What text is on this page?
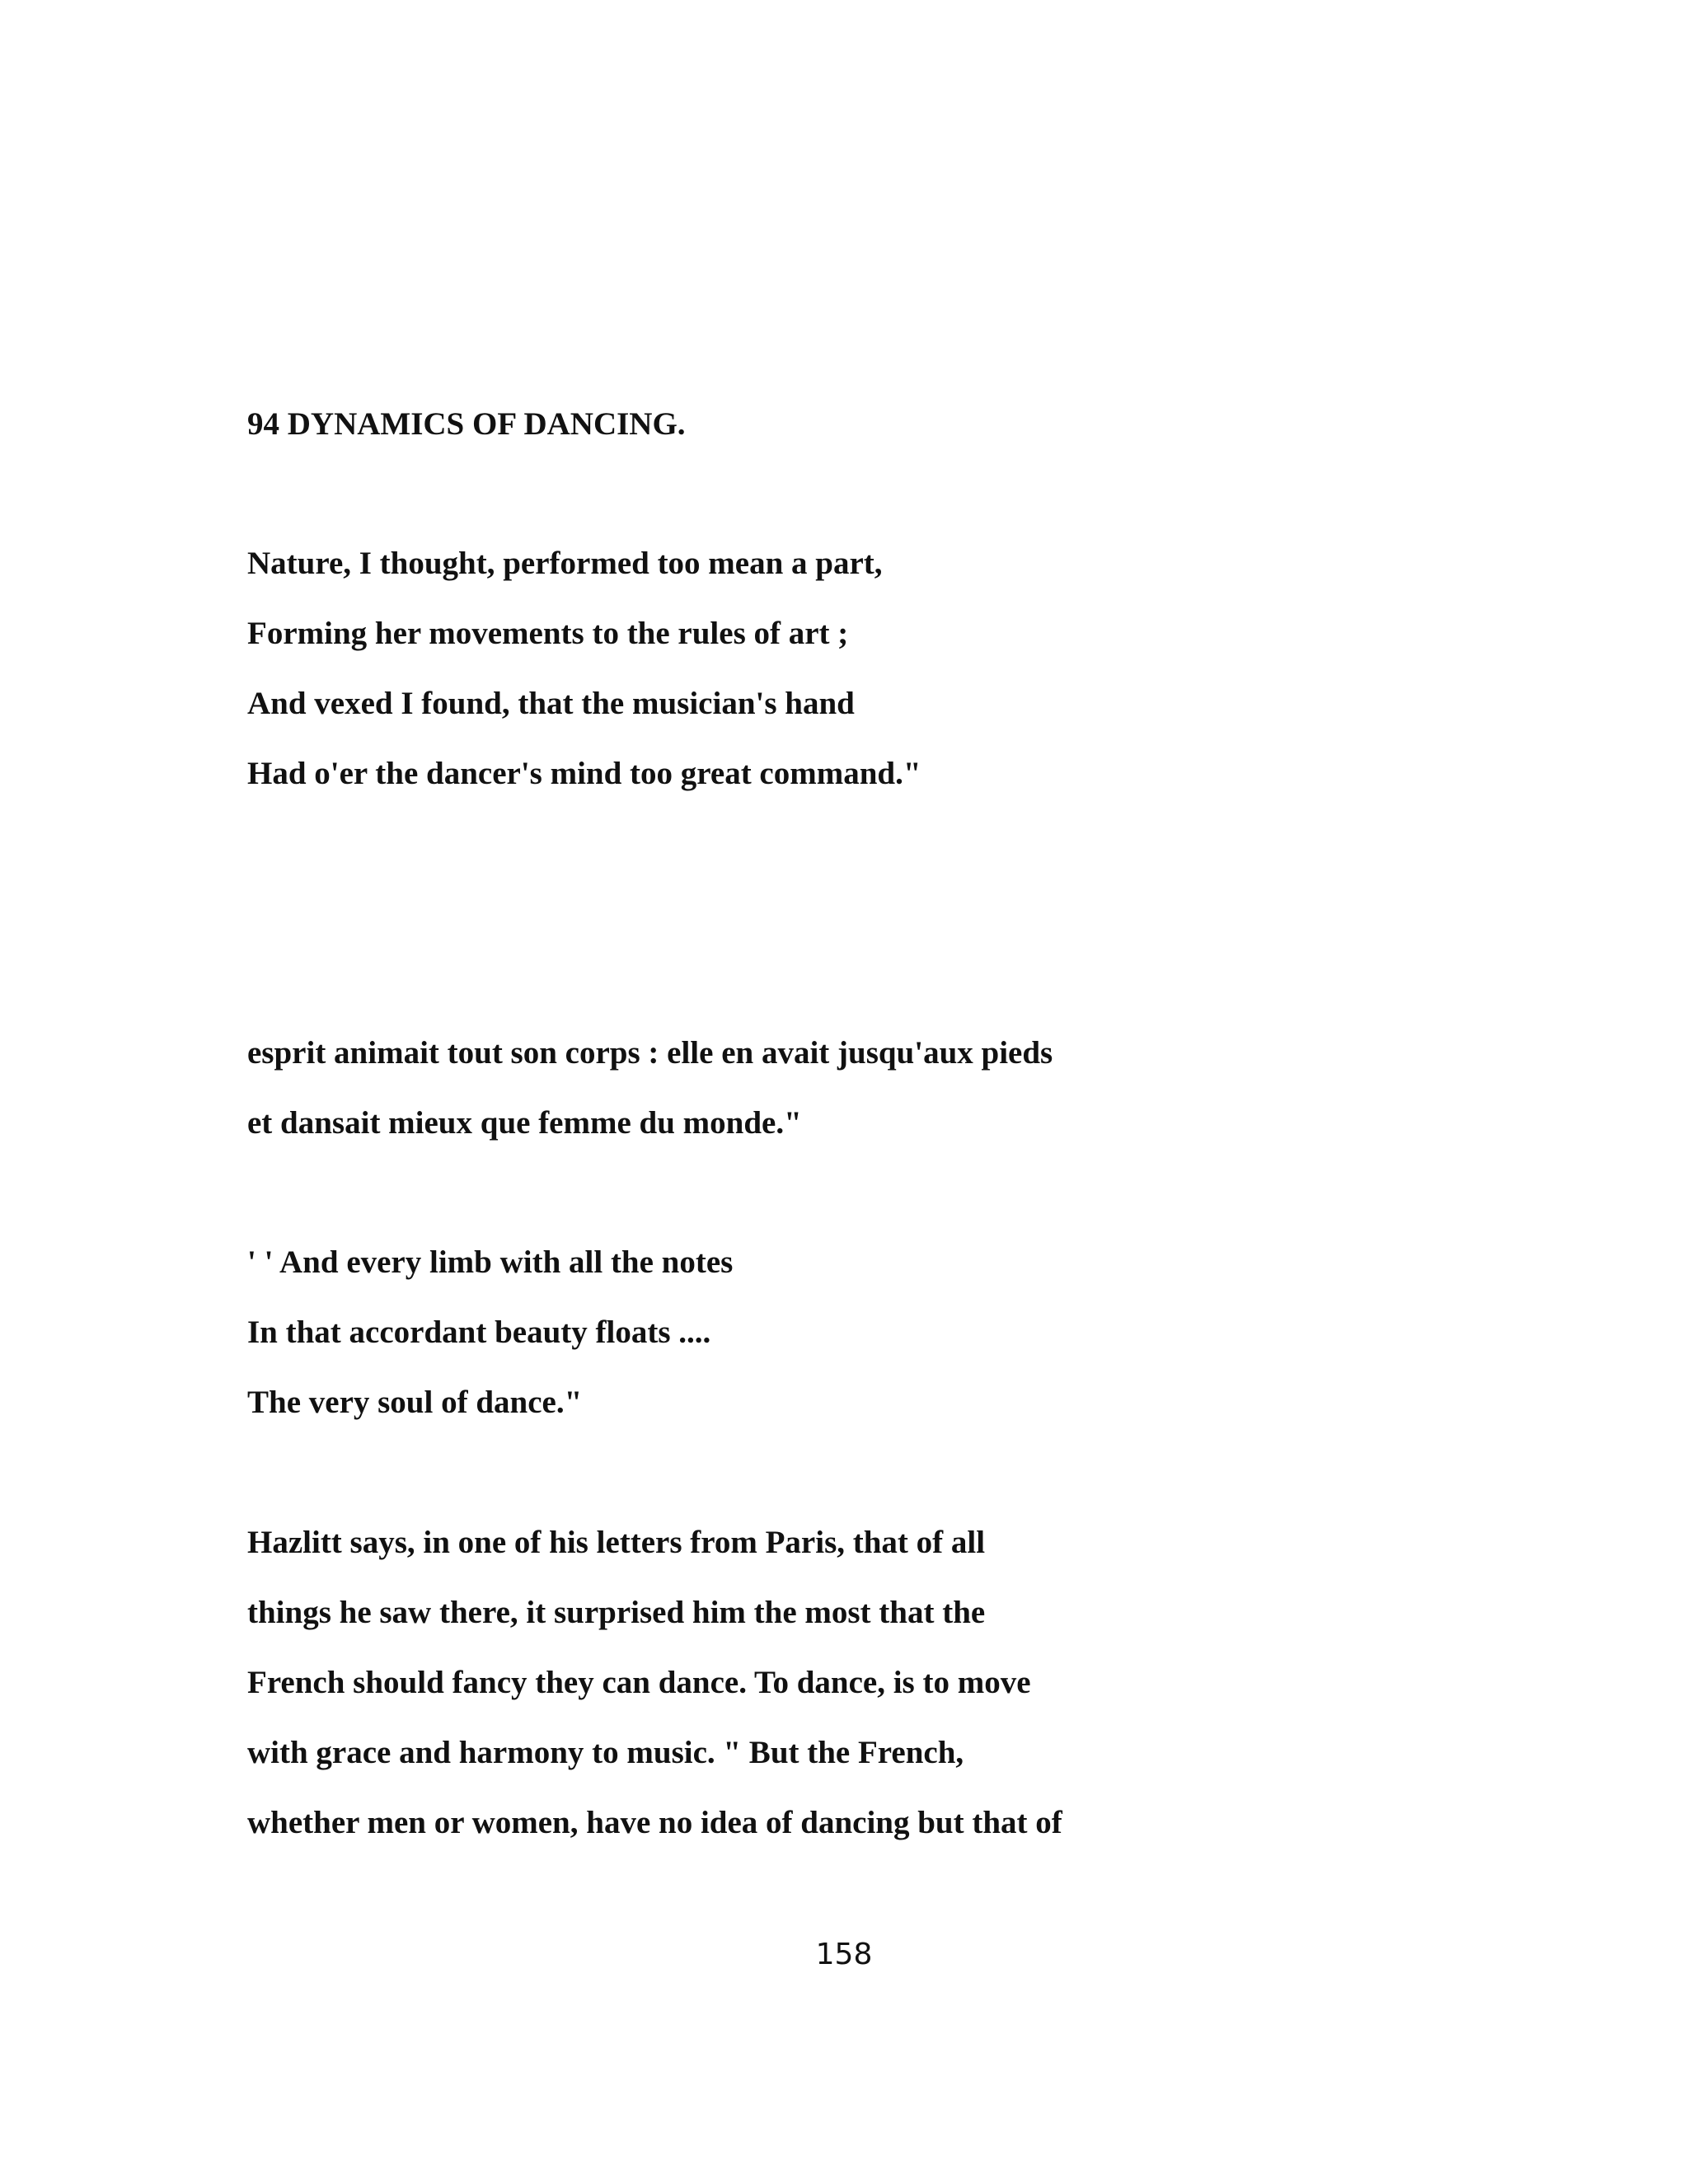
94 DYNAMICS OF DANCING.

Nature, I thought, performed too mean a part,

Forming her movements to the rules of art ;

And vexed I found, that the musician's hand

Had o'er the dancer's mind too great command."

esprit animait tout son corps : elle en avait jusqu'aux pieds

et dansait mieux que femme du monde."

' ' And every limb with all the notes

In that accordant beauty floats ....

The very soul of dance."

Hazlitt says, in one of his letters from Paris, that of all

things he saw there, it surprised him the most that the

French should fancy they can dance. To dance, is to move

with grace and harmony to music. " But the French,

whether men or women, have no idea of dancing but that of

158
